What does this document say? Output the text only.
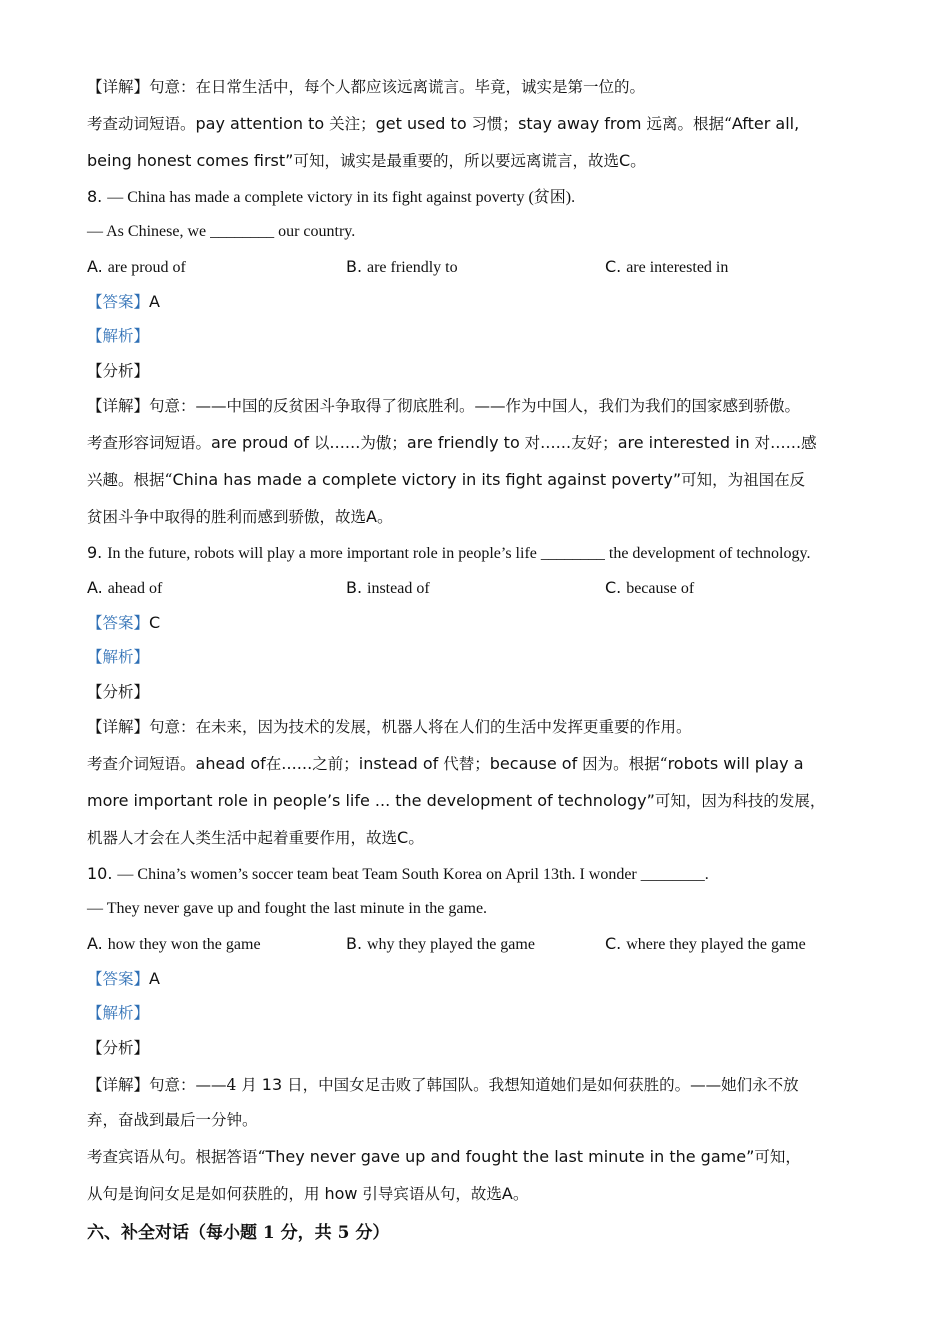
【详解】句意：在日常生活中，每个人都应该远离谎言。毕竟，诚实是第一位的。
考查动词短语。pay attention to 关注；get used to 习惯；stay away from 远离。根据“After all,
being honest comes first”可知，诚实是最重要的，所以要远离谎言，故选C。
8. — China has made a complete victory in its fight against poverty (贫困).
— As Chinese, we ________ our country.
A. are proud of	B. are friendly to	C. are interested in
【答案】A
【解析】
【分析】
【详解】句意：——中国的反贫困斗争取得了彻底胜利。——作为中国人，我们为我们的国家感到骄傲。
考查形容词短语。are proud of 以……为傲；are friendly to 对……友好；are interested in 对……感
兴趣。根据“China has made a complete victory in its fight against poverty”可知，为祖国在反
贫困斗争中取得的胜利而感到骄傲，故选A。
9. In the future, robots will play a more important role in people’s life ________ the development of technology.
A. ahead of	B. instead of	C. because of
【答案】C
【解析】
【分析】
【详解】句意：在未来，因为技术的发展，机器人将在人们的生活中发挥更重要的作用。
考查介词短语。ahead of在……之前；instead of 代替；because of 因为。根据“robots will play a
more important role in people’s life ... the development of technology”可知，因为科技的发展，
机器人才会在人类生活中起着重要作用，故选C。
10. — China’s women’s soccer team beat Team South Korea on April 13th. I wonder ________.
— They never gave up and fought the last minute in the game.
A. how they won the game	B. why they played the game	C. where they played the game
【答案】A
【解析】
【分析】
【详解】句意：——4 月 13 日，中国女足击败了韩国队。我想知道她们是如何获胜的。——她们永不放
弃，奋战到最后一分钟。
考查宾语从句。根据答语“They never gave up and fought the last minute in the game”可知，
从句是询问女足是如何获胜的，用 how 引导宾语从句，故选A。
六、补全对话（每小题 1 分，共 5 分）
